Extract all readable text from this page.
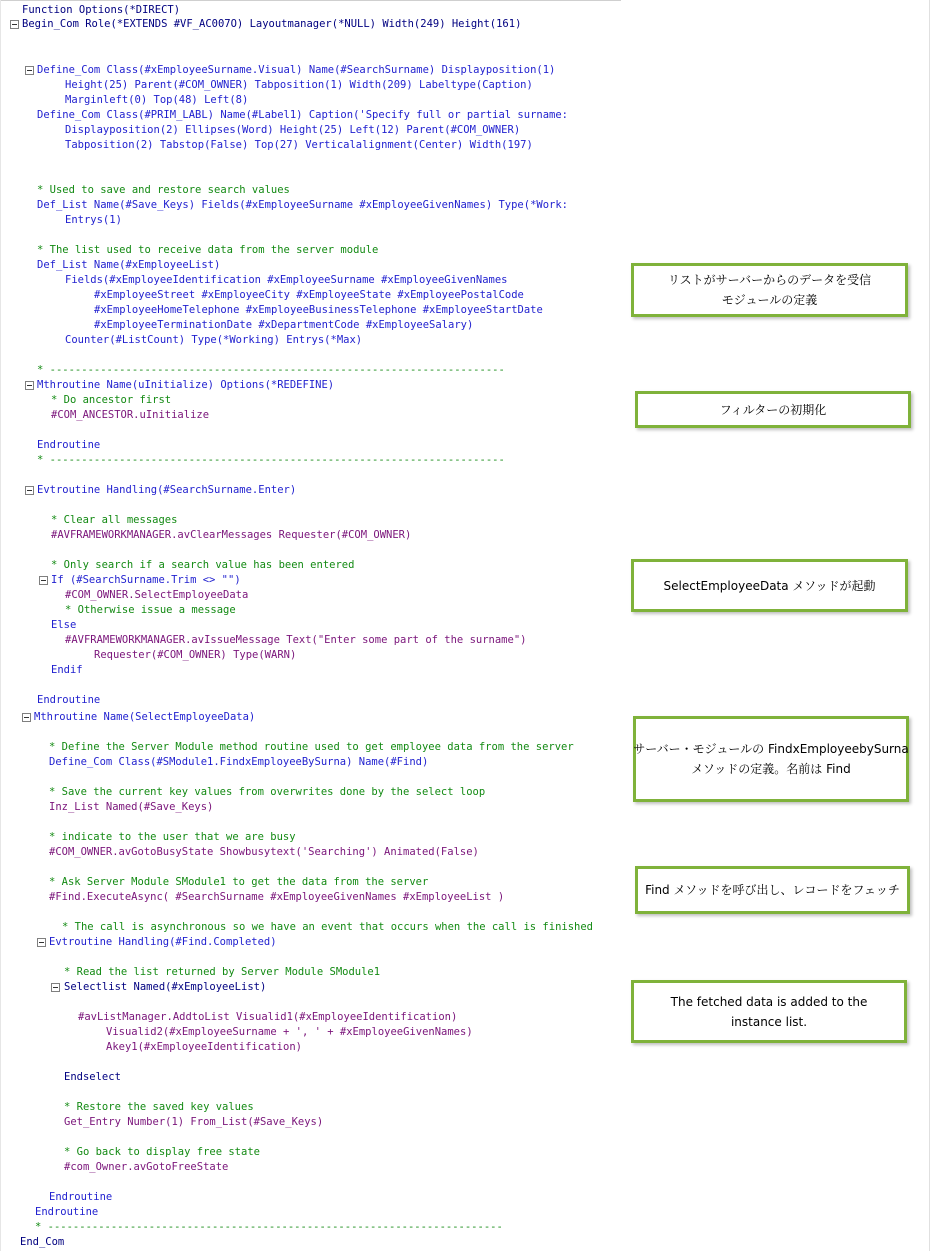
Function Options(*DIRECT)
Begin_Com Role(*EXTENDS #VF_AC007O) Layoutmanager(*NULL) Width(249) Height(161)
Define_Com Class(#xEmployeeSurname.Visual) Name(#SearchSurname) Displayposition(1)
Height(25) Parent(#COM_OWNER) Tabposition(1) Width(209) Labeltype(Caption)
Marginleft(0) Top(48) Left(8)
Define_Com Class(#PRIM_LABL) Name(#Label1) Caption('Specify full or partial surname:
Displayposition(2) Ellipses(Word) Height(25) Left(12) Parent(#COM_OWNER)
Tabposition(2) Tabstop(False) Top(27) Verticalalignment(Center) Width(197)
* Used to save and restore search values
Def_List Name(#Save_Keys) Fields(#xEmployeeSurname #xEmployeeGivenNames) Type(*Work:
Entrys(1)
* The list used to receive data from the server module
Def_List Name(#xEmployeeList)
Fields(#xEmployeeIdentification #xEmployeeSurname #xEmployeeGivenNames
#xEmployeeStreet #xEmployeeCity #xEmployeeState #xEmployeePostalCode
#xEmployeeHomeTelephone #xEmployeeBusinessTelephone #xEmployeeStartDate
#xEmployeeTerminationDate #xDepartmentCode #xEmployeeSalary)
Counter(#ListCount) Type(*Working) Entrys(*Max)
* ------------------------------------------------------------------------
Mthroutine Name(uInitialize) Options(*REDEFINE)
* Do ancestor first
#COM_ANCESTOR.uInitialize
Endroutine
* ------------------------------------------------------------------------
Evtroutine Handling(#SearchSurname.Enter)
* Clear all messages
#AVFRAMEWORKMANAGER.avClearMessages Requester(#COM_OWNER)
* Only search if a search value has been entered
If (#SearchSurname.Trim <> "")
#COM_OWNER.SelectEmployeeData
* Otherwise issue a message
Else
#AVFRAMEWORKMANAGER.avIssueMessage Text("Enter some part of the surname")
Requester(#COM_OWNER) Type(WARN)
Endif
Endroutine
Mthroutine Name(SelectEmployeeData)
* Define the Server Module method routine used to get employee data from the server
Define_Com Class(#SModule1.FindxEmployeeBySurna) Name(#Find)
* Save the current key values from overwrites done by the select loop
Inz_List Named(#Save_Keys)
* indicate to the user that we are busy
#COM_OWNER.avGotoBusyState Showbusytext('Searching') Animated(False)
* Ask Server Module SModule1 to get the data from the server
#Find.ExecuteAsync( #SearchSurname #xEmployeeGivenNames #xEmployeeList )
* The call is asynchronous so we have an event that occurs when the call is finished
Evtroutine Handling(#Find.Completed)
* Read the list returned by Server Module SModule1
Selectlist Named(#xEmployeeList)
#avListManager.AddtoList Visualid1(#xEmployeeIdentification)
Visualid2(#xEmployeeSurname + ', ' + #xEmployeeGivenNames)
Akey1(#xEmployeeIdentification)
Endselect
* Restore the saved key values
Get_Entry Number(1) From_List(#Save_Keys)
* Go back to display free state
#com_Owner.avGotoFreeState
Endroutine
Endroutine
* ------------------------------------------------------------------------
End_Com
リストがサーバーからのデータを受信
モジュールの定義
フィルターの初期化
SelectEmployeeData メソッドが起動
サーバー・モジュールの FindxEmployeebySurna
メソッドの定義。名前は Find
Find メソッドを呼び出し、レコードをフェッチ
The fetched data is added to the
instance list.
